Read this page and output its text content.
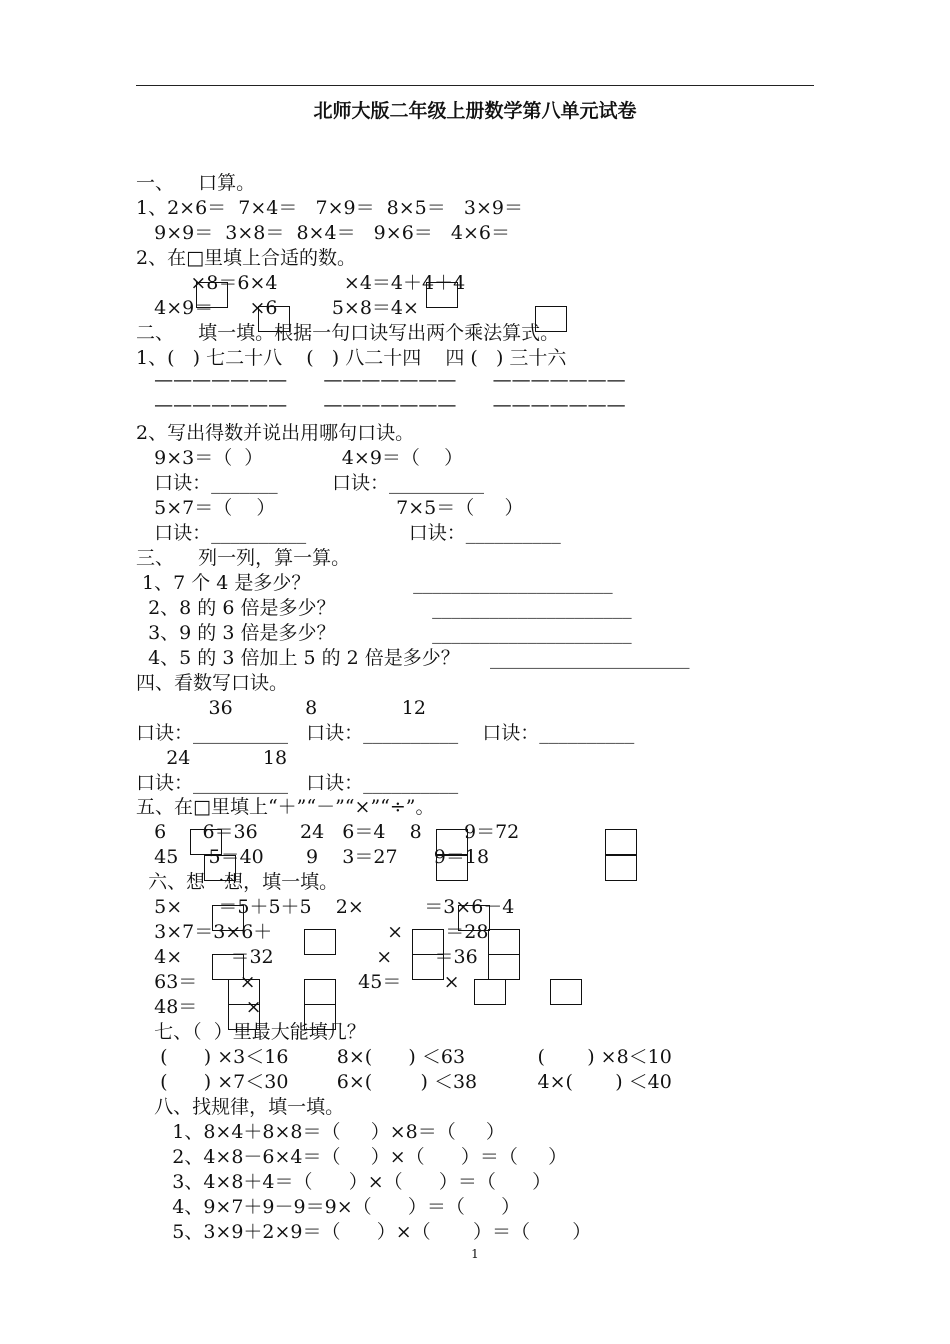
北师大版二年级上册数学第八单元试卷
一、    口算。
1、2×6＝  7×4＝   7×9＝  8×5＝   3×9＝
9×9＝  3×8＝  8×4＝   9×6＝   4×6＝
2、在□里填上合适的数。
×8＝6×4           ×4＝4＋4＋4
4×9＝      ×6         5×8＝4×
二、    填一填。根据一句口诀写出两个乘法算式。
1、(   ) 七二十八    (   ) 八二十四    四 (   ) 三十六
———————      ———————      ———————
———————      ———————      ———————
2、写出得数并说出用哪句口诀。
9×3＝（  ）             4×9＝（    ）
口诀：_______         口诀：__________
5×7＝（    ）                    7×5＝（     ）
口诀：__________                 口诀：__________
三、    列一列，算一算。
1、7 个 4 是多少？                 _____________________
2、8 的 6 倍是多少？                _____________________
3、9 的 3 倍是多少？                _____________________
4、5 的 3 倍加上 5 的 2 倍是多少？     _____________________
四、看数写口诀。
36            8              12
口诀：__________   口诀：__________    口诀：__________
24            18
口诀：__________   口诀：__________
五、在□里填上“＋”“－”“×”“÷”。
6      6＝36       24   6＝4    8       9＝72
45     5＝40       9    3＝27      9＝18
六、想一想，填一填。
5×      ＝5＋5＋5    2×          ＝3×6－4
3×7＝3×6＋                   ×       ＝28
4×        ＝32                 ×       ＝36
63＝       ×                 45＝       ×
48＝        ×
七、（  ）里最大能填几？
(      ) ×3＜16        8×(      ) ＜63            (       ) ×8＜10
(      ) ×7＜30        6×(        ) ＜38          4×(       ) ＜40
八、找规律，填一填。
1、8×4＋8×8＝（     ）×8＝（     ）
2、4×8－6×4＝（     ）×（      ）＝（     ）
3、4×8＋4＝（      ）×（      ）＝（      ）
4、9×7＋9－9＝9×（      ）＝（      ）
5、3×9＋2×9＝（      ）×（       ）＝（       ）
1
